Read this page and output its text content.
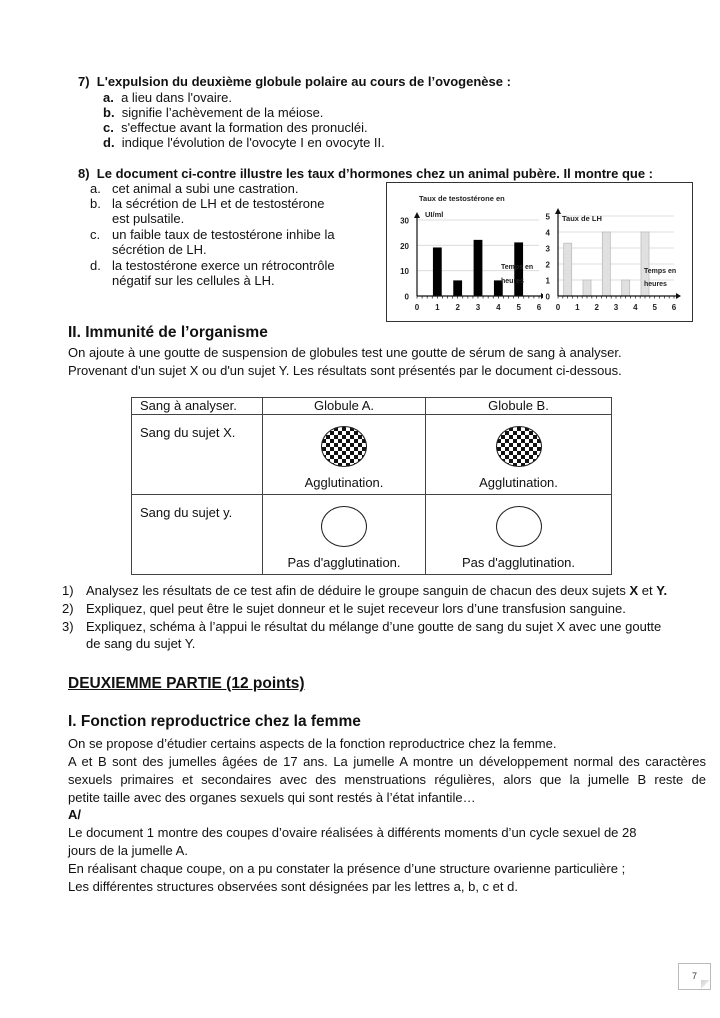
7) L'expulsion du deuxième globule polaire au cours de l’ovogenèse :
a. a lieu dans l'ovaire.
b. signifie l’achèvement de la méiose.
c. s'effectue avant la formation des pronucléi.
d. indique l'évolution de l'ovocyte I en ovocyte II.
8) Le document ci-contre illustre les taux d’hormones chez un animal pubère. Il montre que :
a. cet animal a subi une castration.
b. la sécrétion de LH et de testostérone
est pulsatile.
c. un faible taux de testostérone inhibe la
sécrétion de LH.
d. la testostérone exerce un rétrocontrôle
négatif sur les cellules à LH.
0
10
20
30
0 1 2 3 4 5 6
Taux de testostérone en
UI/ml
Temps en
heures
0
1
2
3
4
5
0 1 2 3 4 5 6
Taux de LH
Temps en
heures
II. Immunité de l’organisme
On ajoute à une goutte de suspension de globules test une goutte de sérum de sang à analyser.
Provenant d'un sujet X ou d'un sujet Y. Les résultats sont présentés par le document ci-dessous.
Sang à analyser.	Globule A.	Globule B.
Sang du sujet X.	Agglutination.	Agglutination.

Sang du sujet y.	Pas d'agglutination.	Pas d'agglutination.
1) Analysez les résultats de ce test afin de déduire le groupe sanguin de chacun des deux sujets X et Y.
2) Expliquez, quel peut être le sujet donneur et le sujet receveur lors d’une transfusion sanguine.
3) Expliquez, schéma à l’appui le résultat du mélange d’une goutte de sang du sujet X avec une goutte
de sang du sujet Y.
DEUXIEMME PARTIE (12 points)
I. Fonction reproductrice chez la femme
On se propose d’étudier certains aspects de la fonction reproductrice chez la femme.
A et B sont des jumelles âgées de 17 ans. La jumelle A montre un développement normal des caractères
sexuels primaires et secondaires avec des menstruations régulières, alors que la jumelle B reste de
petite taille avec des organes sexuels qui sont restés à l’état infantile…
A/
Le document 1 montre des coupes d’ovaire réalisées à différents moments d’un cycle sexuel de 28
jours de la jumelle A.
En réalisant chaque coupe, on a pu constater la présence d’une structure ovarienne particulière ;
Les différentes structures observées sont désignées par les lettres a, b, c et d.
7
